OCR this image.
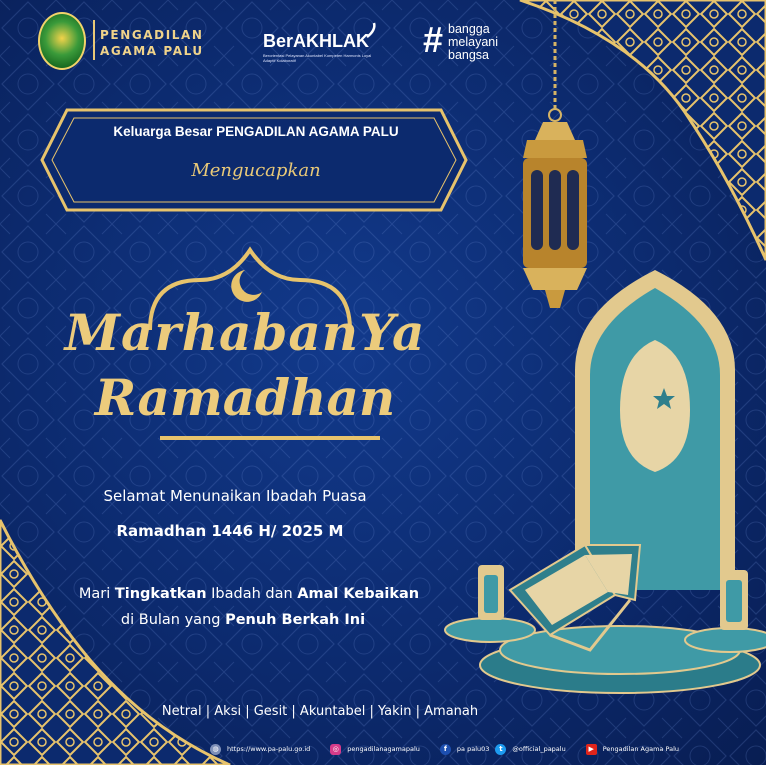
PENGADILAN
AGAMA PALU	BerAKHLAK
Berorientasi Pelayanan Akuntabel Kompeten Harmonis Loyal Adaptif Kolaboratif
# bangga
melayani
bangsa
Keluarga Besar PENGADILAN AGAMA PALU
Mengucapkan
MarhabanYa
Ramadhan
Selamat Menunaikan Ibadah Puasa
Ramadhan 1446 H/ 2025 M
Mari Tingkatkan Ibadah dan Amal Kebaikan
di Bulan yang Penuh Berkah Ini
Netral | Aksi | Gesit | Akuntabel | Yakin | Amanah
◍	https://www.pa-palu.go.id	◎	pengadilanagamapalu	f	pa palu03	t	@official_papalu	▶	Pengadilan Agama Palu
